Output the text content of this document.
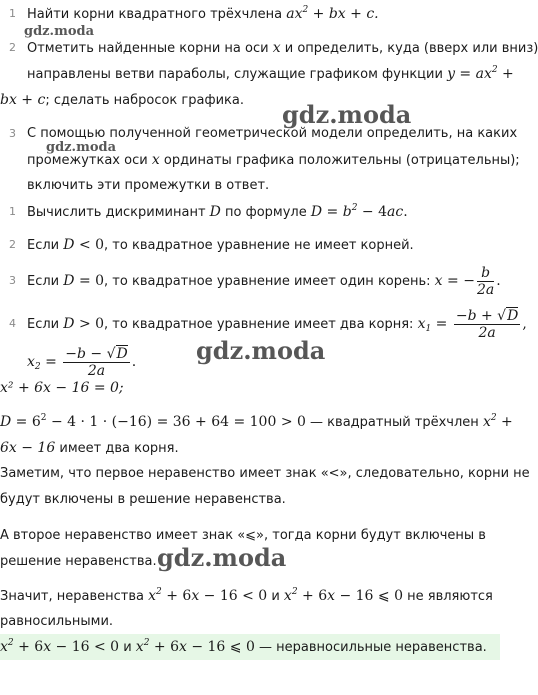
gdz.moda
gdz.moda
gdz.moda
gdz.moda
gdz.moda
1 Найти корни квадратного трёхчлена $ax^2$ + bx + c.
2 Отметить найденные корни на оси x и определить, куда (вверх или вниз)
направлены ветви параболы, служащие графиком функции $y = ax^2$ +
bx + c; сделать набросок графика.
3 С помощью полученной геометрической модели определить, на каких
промежутках оси x ординаты графика положительны (отрицательны);
включить эти промежутки в ответ.
1 Вычислить дискриминант D по формуле $D = b^2 - 4ac$.
2 Если D < 0, то квадратное уравнение не имеет корней.
3 Если D = 0, то квадратное уравнение имеет один корень: x = − $\frac{b}{2a}$ .
4 Если D > 0, то квадратное уравнение имеет два корня: $x_1 = \frac{-b + √D}{2a}$ ,
$x_2 = \frac{-b - √D}{2a}$ .
x² + 6x − 16 = 0;
$D = 6^2 - 4 \cdot 1 \cdot (-16) = 36 + 64 = 100 > 0$ — квадратный трёхчлен $x^2$ +
6x − 16 имеет два корня.
Заметим, что первое неравенство имеет знак «<», следовательно, корни не
будут включены в решение неравенства.
А второе неравенство имеет знак «⩽», тогда корни будут включены в
решение неравенства.
Значит, неравенства $x^2 + 6x - 16 < 0$ и $x^2 + 6x - 16$ ⩽ 0 не являются
равносильными.
$x^2 + 6x - 16 < 0$ и $x^2 + 6x - 16$ ⩽ 0 — неравносильные неравенства.
